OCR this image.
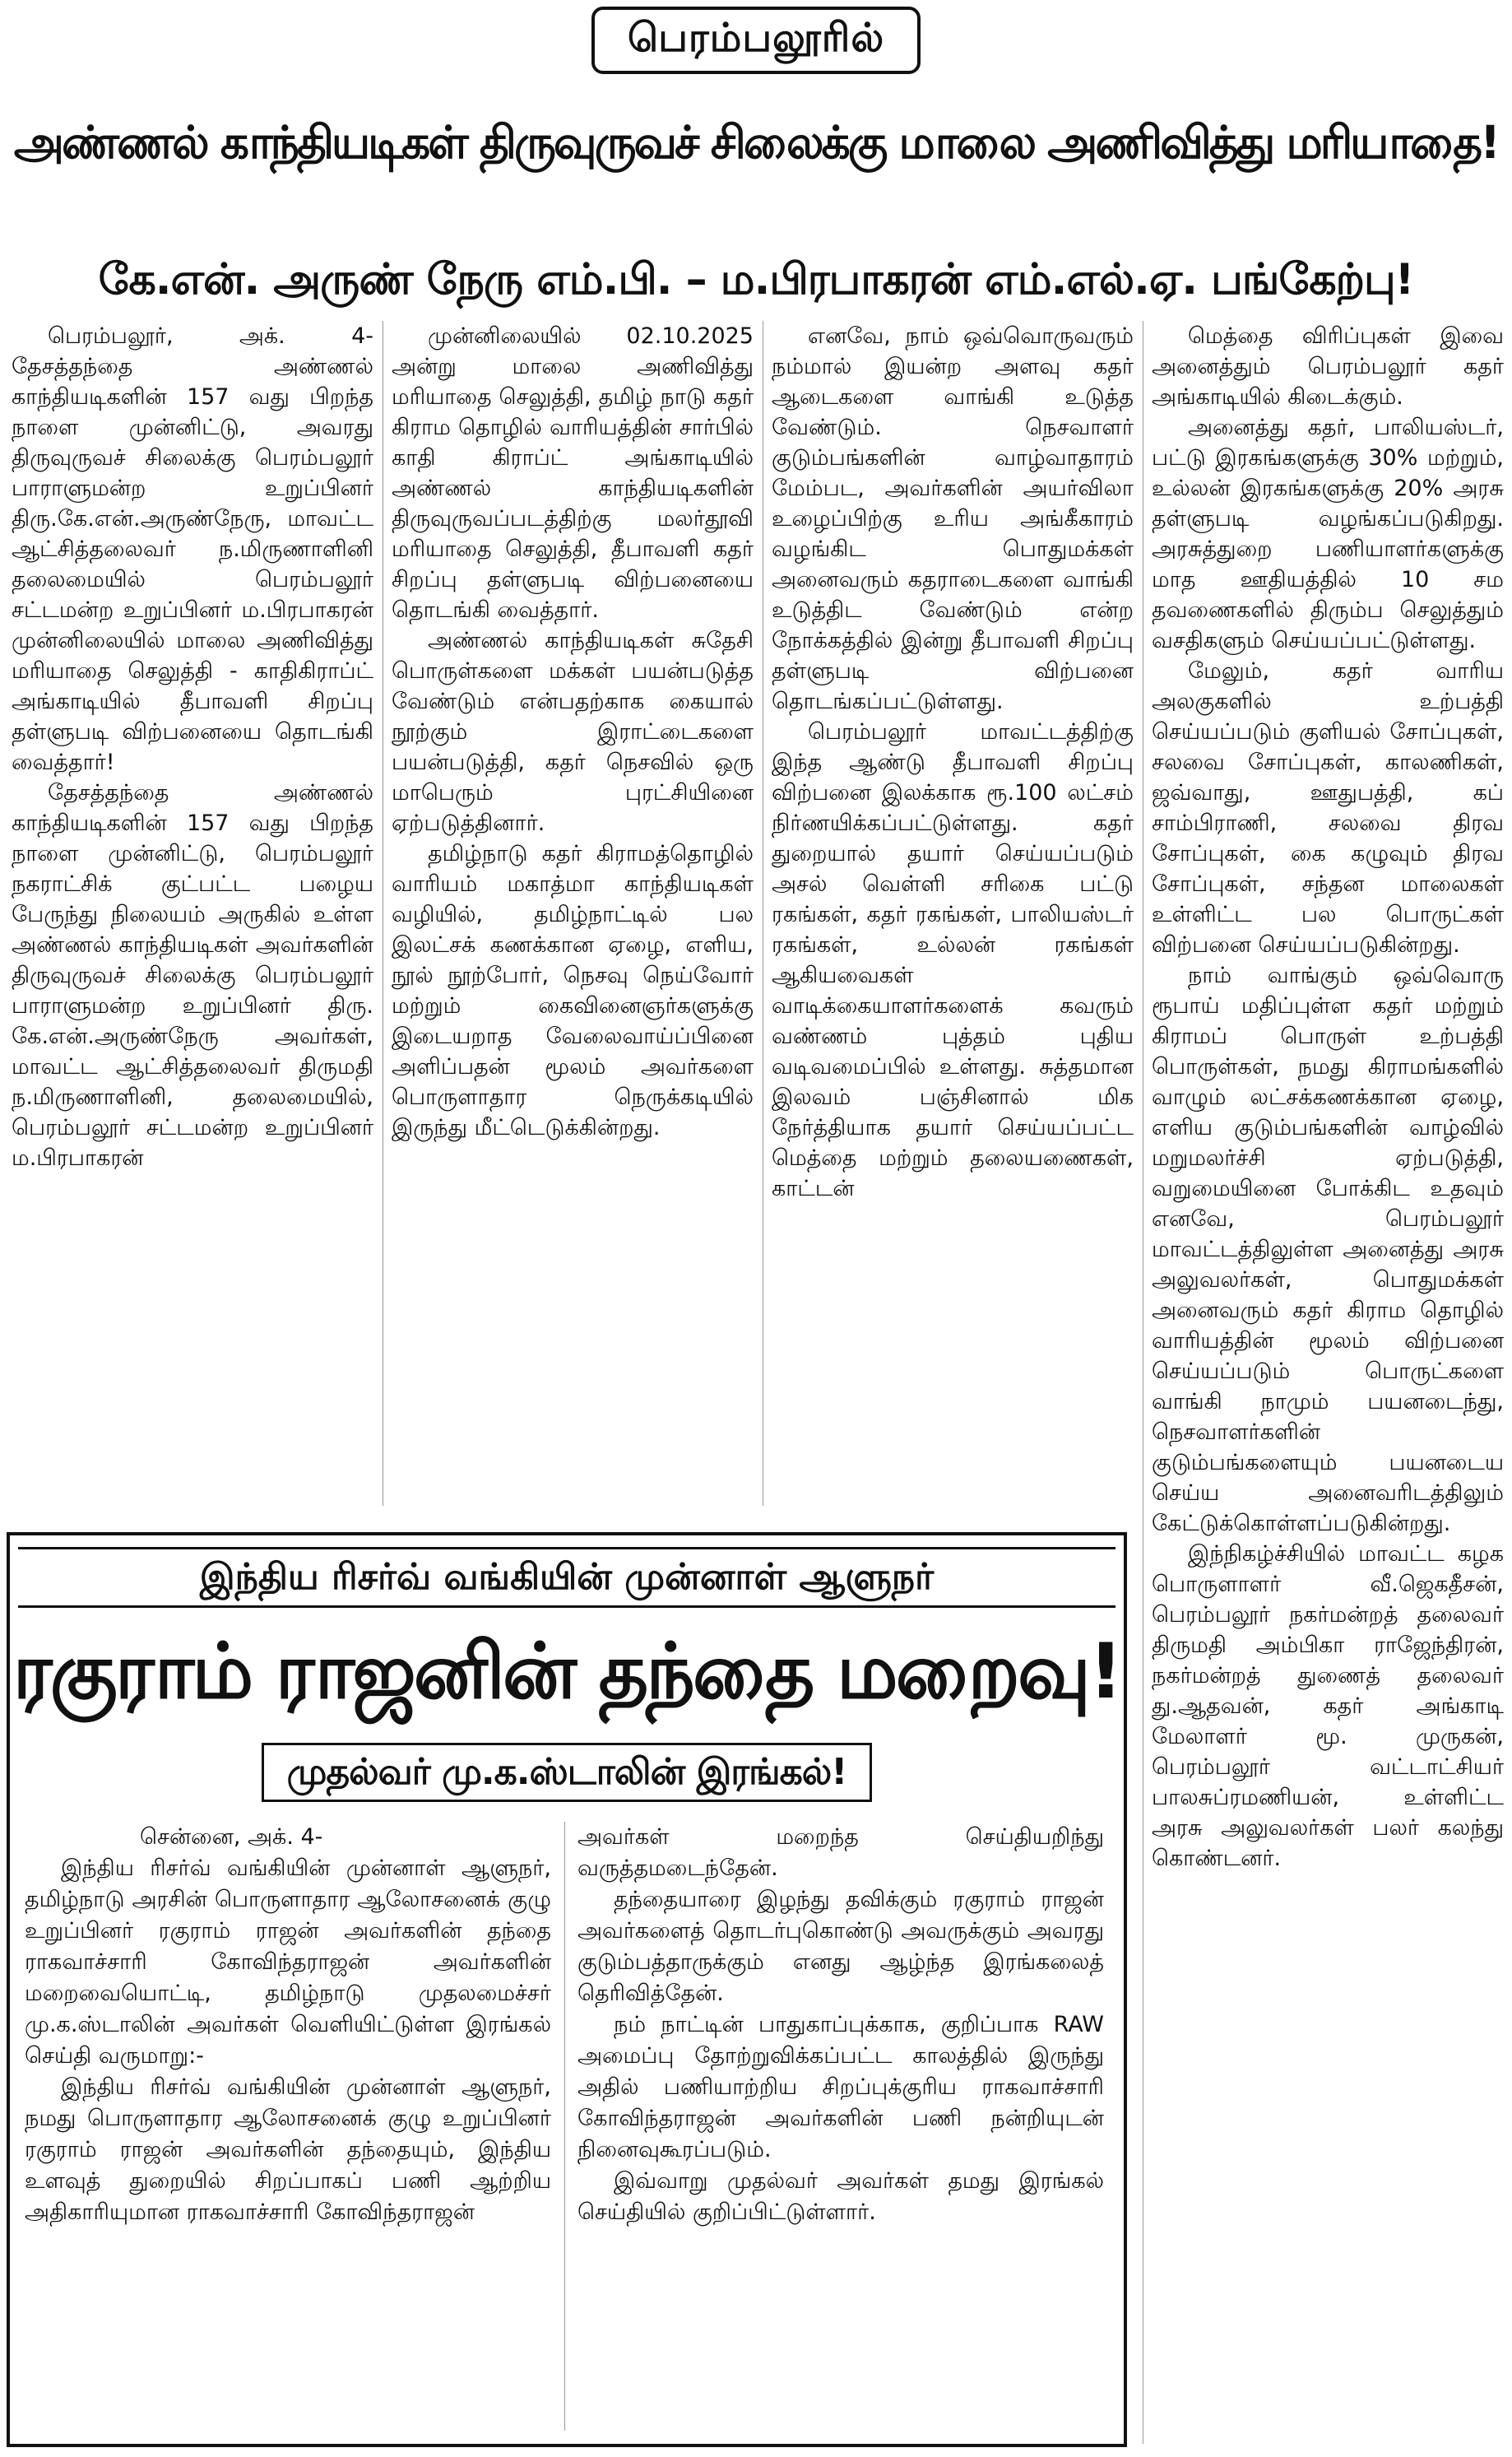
பெரம்பலூரில்
அண்ணல் காந்தியடிகள் திருவுருவச் சிலைக்கு மாலை அணிவித்து மரியாதை!
கே.என். அருண் நேரு எம்.பி. – ம.பிரபாகரன் எம்.எல்.ஏ. பங்கேற்பு!

பெரம்பலூர், அக். 4- தேசத்தந்தை அண்ணல் காந்தியடிகளின் 157 வது பிறந்த நாளை முன்னிட்டு, அவரது திருவுருவச் சிலைக்கு பெரம்பலூர் பாராளுமன்ற உறுப்பினர் திரு.கே.என்.அருண்நேரு, மாவட்ட ஆட்சித்தலைவர் ந.மிருணாளினி தலைமையில் பெரம்பலூர் சட்டமன்ற உறுப்பினர் ம.பிரபாகரன் முன்னிலையில் மாலை அணிவித்து மரியாதை செலுத்தி - காதிகிராப்ட் அங்காடியில் தீபாவளி சிறப்பு தள்ளுபடி விற்பனையை தொடங்கி வைத்தார்!

தேசத்தந்தை அண்ணல் காந்தியடிகளின் 157 வது பிறந்த நாளை முன்னிட்டு, பெரம்பலூர் நகராட்சிக் குட்பட்ட பழைய பேருந்து நிலையம் அருகில் உள்ள அண்ணல் காந்தியடிகள் அவர்களின் திருவுருவச் சிலைக்கு பெரம்பலூர் பாராளுமன்ற உறுப்பினர் திரு. கே.என்.அருண்நேரு அவர்கள், மாவட்ட ஆட்சித்தலைவர் திருமதி ந.மிருணாளினி, தலைமையில், பெரம்பலூர் சட்டமன்ற உறுப்பினர் ம.பிரபாகரன்

முன்னிலையில் 02.10.2025 அன்று மாலை அணிவித்து மரியாதை செலுத்தி, தமிழ் நாடு கதர் கிராம தொழில் வாரியத்தின் சார்பில் காதி கிராப்ட் அங்காடியில் அண்ணல் காந்தியடிகளின் திருவுருவப்படத்திற்கு மலர்தூவி மரியாதை செலுத்தி, தீபாவளி கதர் சிறப்பு தள்ளுபடி விற்பனையை தொடங்கி வைத்தார்.

அண்ணல் காந்தியடிகள் சுதேசி பொருள்களை மக்கள் பயன்படுத்த வேண்டும் என்பதற்காக கையால் நூற்கும் இராட்டைகளை பயன்படுத்தி, கதர் நெசவில் ஒரு மாபெரும் புரட்சியினை ஏற்படுத்தினார்.

தமிழ்நாடு கதர் கிராமத்தொழில் வாரியம் மகாத்மா காந்தியடிகள் வழியில், தமிழ்நாட்டில் பல இலட்சக் கணக்கான ஏழை, எளிய, நூல் நூற்போர், நெசவு நெய்வோர் மற்றும் கைவினைஞர்களுக்கு இடையறாத வேலைவாய்ப்பினை அளிப்பதன் மூலம் அவர்களை பொருளாதார நெருக்கடியில் இருந்து மீட்டெடுக்கின்றது.

எனவே, நாம் ஒவ்வொருவரும் நம்மால் இயன்ற அளவு கதர் ஆடைகளை வாங்கி உடுத்த வேண்டும். நெசவாளர் குடும்பங்களின் வாழ்வாதாரம் மேம்பட, அவர்களின் அயர்விலா உழைப்பிற்கு உரிய அங்கீகாரம் வழங்கிட பொதுமக்கள் அனைவரும் கதராடைகளை வாங்கி உடுத்திட வேண்டும் என்ற நோக்கத்தில் இன்று தீபாவளி சிறப்பு தள்ளுபடி விற்பனை தொடங்கப்பட்டுள்ளது.

பெரம்பலூர் மாவட்டத்திற்கு இந்த ஆண்டு தீபாவளி சிறப்பு விற்பனை இலக்காக ரூ.100 லட்சம் நிர்ணயிக்கப்பட்டுள்ளது. கதர் துறையால் தயார் செய்யப்படும் அசல் வெள்ளி சரிகை பட்டு ரகங்கள், கதர் ரகங்கள், பாலியஸ்டர் ரகங்கள், உல்லன் ரகங்கள் ஆகியவைகள் வாடிக்கையாளர்களைக் கவரும் வண்ணம் புத்தம் புதிய வடிவமைப்பில் உள்ளது. சுத்தமான இலவம் பஞ்சினால் மிக நேர்த்தியாக தயார் செய்யப்பட்ட மெத்தை மற்றும் தலையணைகள், காட்டன்

மெத்தை விரிப்புகள் இவை அனைத்தும் பெரம்பலூர் கதர் அங்காடியில் கிடைக்கும்.

அனைத்து கதர், பாலியஸ்டர், பட்டு இரகங்களுக்கு 30% மற்றும், உல்லன் இரகங்களுக்கு 20% அரசு தள்ளுபடி வழங்கப்படுகிறது. அரசுத்துறை பணியாளர்களுக்கு மாத ஊதியத்தில் 10 சம தவணைகளில் திரும்ப செலுத்தும் வசதிகளும் செய்யப்பட்டுள்ளது.

மேலும், கதர் வாரிய அலகுகளில் உற்பத்தி செய்யப்படும் குளியல் சோப்புகள், சலவை சோப்புகள், காலணிகள், ஜவ்வாது, ஊதுபத்தி, கப் சாம்பிராணி, சலவை திரவ சோப்புகள், கை கழுவும் திரவ சோப்புகள், சந்தன மாலைகள் உள்ளிட்ட பல பொருட்கள் விற்பனை செய்யப்படுகின்றது.

நாம் வாங்கும் ஒவ்வொரு ரூபாய் மதிப்புள்ள கதர் மற்றும் கிராமப் பொருள் உற்பத்தி பொருள்கள், நமது கிராமங்களில் வாழும் லட்சக்கணக்கான ஏழை, எளிய குடும்பங்களின் வாழ்வில் மறுமலர்ச்சி ஏற்படுத்தி, வறுமையினை போக்கிட உதவும் எனவே, பெரம்பலூர் மாவட்டத்திலுள்ள அனைத்து அரசு அலுவலர்கள், பொதுமக்கள் அனைவரும் கதர் கிராம தொழில் வாரியத்தின் மூலம் விற்பனை செய்யப்படும் பொருட்களை வாங்கி நாமும் பயனடைந்து, நெசவாளர்களின் குடும்பங்களையும் பயனடைய செய்ய அனைவரிடத்திலும் கேட்டுக்கொள்ளப்படுகின்றது.

இந்நிகழ்ச்சியில் மாவட்ட கழக பொருளாளர் வீ.ஜெகதீசன், பெரம்பலூர் நகர்மன்றத் தலைவர் திருமதி அம்பிகா ராஜேந்திரன், நகர்மன்றத் துணைத் தலைவர் து.ஆதவன், கதர் அங்காடி மேலாளர் மூ. முருகன், பெரம்பலூர் வட்டாட்சியர் பாலசுப்ரமணியன், உள்ளிட்ட அரசு அலுவலர்கள் பலர் கலந்து கொண்டனர்.

இந்திய ரிசர்வ் வங்கியின் முன்னாள் ஆளுநர்
ரகுராம் ராஜனின் தந்தை மறைவு!
முதல்வர் மு.க.ஸ்டாலின் இரங்கல்!

சென்னை, அக். 4-

இந்திய ரிசர்வ் வங்கியின் முன்னாள் ஆளுநர், தமிழ்நாடு அரசின் பொருளாதார ஆலோசனைக் குழு உறுப்பினர் ரகுராம் ராஜன் அவர்களின் தந்தை ராகவாச்சாரி கோவிந்தராஜன் அவர்களின் மறைவையொட்டி, தமிழ்நாடு முதலமைச்சர் மு.க.ஸ்டாலின் அவர்கள் வெளியிட்டுள்ள இரங்கல் செய்தி வருமாறு:-

இந்திய ரிசர்வ் வங்கியின் முன்னாள் ஆளுநர், நமது பொருளாதார ஆலோசனைக் குழு உறுப்பினர் ரகுராம் ராஜன் அவர்களின் தந்தையும், இந்திய உளவுத் துறையில் சிறப்பாகப் பணி ஆற்றிய அதிகாரியுமான ராகவாச்சாரி கோவிந்தராஜன்

அவர்கள் மறைந்த செய்தியறிந்து வருத்தமடைந்தேன்.

தந்தையாரை இழந்து தவிக்கும் ரகுராம் ராஜன் அவர்களைத் தொடர்புகொண்டு அவருக்கும் அவரது குடும்பத்தாருக்கும் எனது ஆழ்ந்த இரங்கலைத் தெரிவித்தேன்.

நம் நாட்டின் பாதுகாப்புக்காக, குறிப்பாக RAW அமைப்பு தோற்றுவிக்கப்பட்ட காலத்தில் இருந்து அதில் பணியாற்றிய சிறப்புக்குரிய ராகவாச்சாரி கோவிந்தராஜன் அவர்களின் பணி நன்றியுடன் நினைவுகூரப்படும்.

இவ்வாறு முதல்வர் அவர்கள் தமது இரங்கல் செய்தியில் குறிப்பிட்டுள்ளார்.
